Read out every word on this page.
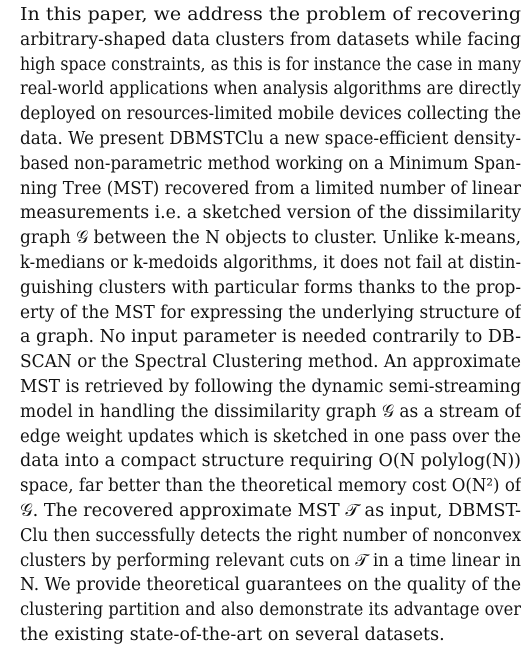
In this paper, we address the problem of recovering
arbitrary-shaped data clusters from datasets while facing
high space constraints, as this is for instance the case in many
real-world applications when analysis algorithms are directly
deployed on resources-limited mobile devices collecting the
data. We present DBMSTClu a new space-efficient density-
based non-parametric method working on a Minimum Span-
ning Tree (MST) recovered from a limited number of linear
measurements i.e. a sketched version of the dissimilarity
graph 𝒢 between the N objects to cluster. Unlike k-means,
k-medians or k-medoids algorithms, it does not fail at distin-
guishing clusters with particular forms thanks to the prop-
erty of the MST for expressing the underlying structure of
a graph. No input parameter is needed contrarily to DB-
SCAN or the Spectral Clustering method. An approximate
MST is retrieved by following the dynamic semi-streaming
model in handling the dissimilarity graph 𝒢 as a stream of
edge weight updates which is sketched in one pass over the
data into a compact structure requiring O(N polylog(N))
space, far better than the theoretical memory cost O(N²) of
𝒢. The recovered approximate MST 𝒯 as input, DBMST-
Clu then successfully detects the right number of nonconvex
clusters by performing relevant cuts on 𝒯 in a time linear in
N. We provide theoretical guarantees on the quality of the
clustering partition and also demonstrate its advantage over
the existing state-of-the-art on several datasets.
